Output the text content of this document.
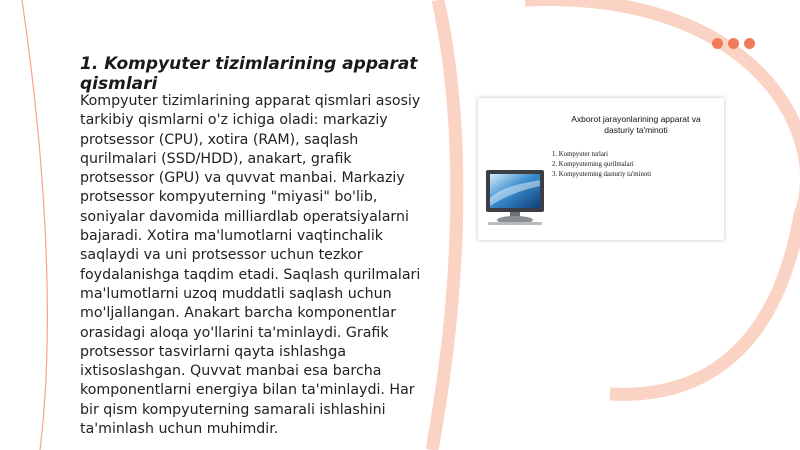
1. Kompyuter tizimlarining apparat qismlari

Kompyuter tizimlarining apparat qismlari asosiy tarkibiy qismlarni o'z ichiga oladi: markaziy protsessor (CPU), xotira (RAM), saqlash qurilmalari (SSD/HDD), anakart, grafik protsessor (GPU) va quvvat manbai. Markaziy protsessor kompyuterning "miyasi" bo'lib, soniyalar davomida milliardlab operatsiyalarni bajaradi. Xotira ma'lumotlarni vaqtinchalik saqlaydi va uni protsessor uchun tezkor foydalanishga taqdim etadi. Saqlash qurilmalari ma'lumotlarni uzoq muddatli saqlash uchun mo'ljallangan. Anakart barcha komponentlar orasidagi aloqa yo'llarini ta'minlaydi. Grafik protsessor tasvirlarni qayta ishlashga ixtisoslashgan. Quvvat manbai esa barcha komponentlarni energiya bilan ta'minlaydi. Har bir qism kompyuterning samarali ishlashini ta'minlash uchun muhimdir.

Axborot jarayonlarining apparat va dasturiy ta'minoti

1. Kompyuter turlari
2. Kompyuterning qurilmalari
3. Kompyuterning dasturiy ta'minoti
